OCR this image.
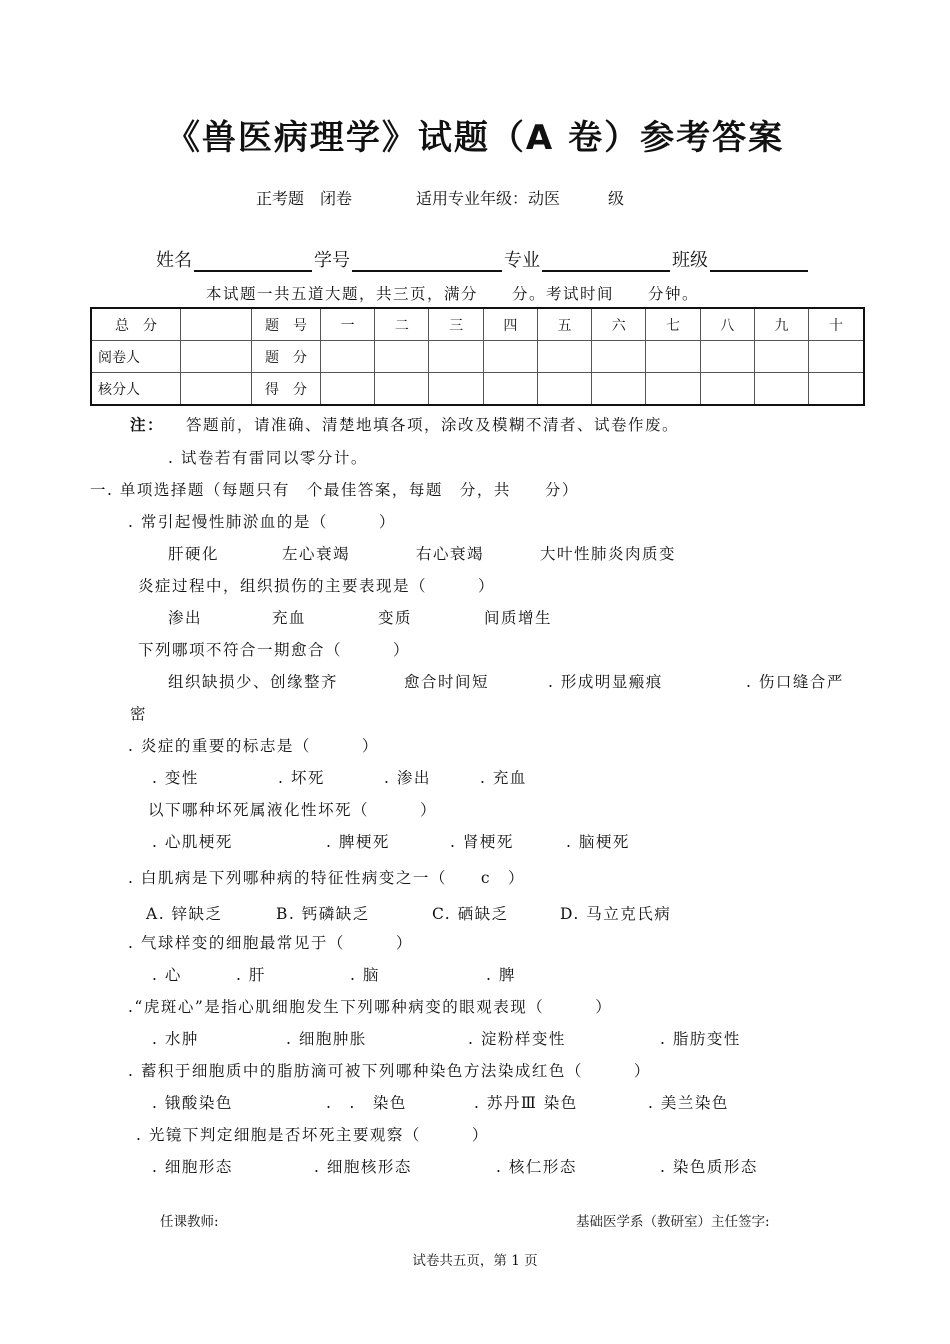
《兽医病理学》试题（A 卷）参考答案
正考题　闭卷	适用专业年级：动医　　　级
姓名	学号	专业	班级
本试题一共五道大题，共三页，满分　　分。考试时间　　分钟。
总　分		题　号	一	二	三	四	五	六	七	八	九	十
阅卷人		题　分										
核分人		得　分										
注： 答题前，请准确、清楚地填各项，涂改及模糊不清者、试卷作废。
. 试卷若有雷同以零分计。
一. 单项选择题（每题只有　个最佳答案，每题　分，共　　分）
. 常引起慢性肺淤血的是（　　　）
肝硬化	左心衰竭	右心衰竭	大叶性肺炎肉质变
炎症过程中，组织损伤的主要表现是（　　　）
渗出	充血	变质	间质增生
下列哪项不符合一期愈合（　　　）
组织缺损少、创缘整齐	愈合时间短	. 形成明显瘢痕	. 伤口缝合严
密
. 炎症的重要的标志是（　　　）
. 变性	. 坏死	. 渗出	. 充血
以下哪种坏死属液化性坏死（　　　）
. 心肌梗死	. 脾梗死	. 肾梗死	. 脑梗死
. 白肌病是下列哪种病的特征性病变之一（　　c　）
A. 锌缺乏	B. 钙磷缺乏	C. 硒缺乏	D. 马立克氏病
. 气球样变的细胞最常见于（　　　）
. 心	. 肝	. 脑	. 脾
.“虎斑心”是指心肌细胞发生下列哪种病变的眼观表现（　　　）
. 水肿	. 细胞肿胀	. 淀粉样变性	. 脂肪变性
. 蓄积于细胞质中的脂肪滴可被下列哪种染色方法染成红色（　　　）
. 锇酸染色	.　.　染色	. 苏丹Ⅲ 染色	. 美兰染色
. 光镜下判定细胞是否坏死主要观察（　　　）
. 细胞形态	. 细胞核形态	. 核仁形态	. 染色质形态
任课教师:	基础医学系（教研室）主任签字:
试卷共五页，第 1 页
